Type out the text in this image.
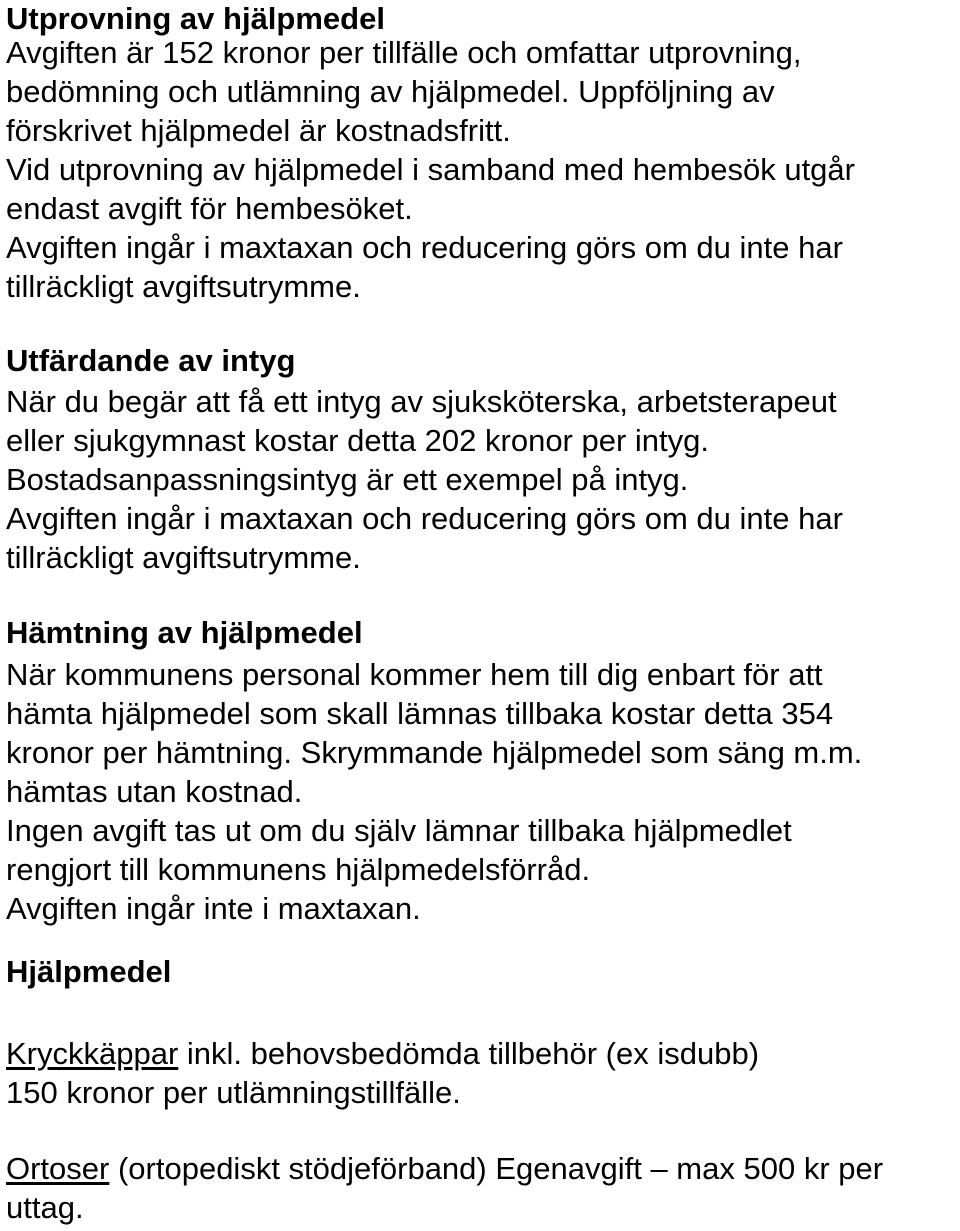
Utprovning av hjälpmedel
Avgiften är 152 kronor per tillfälle och omfattar utprovning,
bedömning och utlämning av hjälpmedel. Uppföljning av
förskrivet hjälpmedel är kostnadsfritt.
Vid utprovning av hjälpmedel i samband med hembesök utgår
endast avgift för hembesöket.
Avgiften ingår i maxtaxan och reducering görs om du inte har
tillräckligt avgiftsutrymme.
Utfärdande av intyg
När du begär att få ett intyg av sjuksköterska, arbetsterapeut
eller sjukgymnast kostar detta 202 kronor per intyg.
Bostadsanpassningsintyg är ett exempel på intyg.
Avgiften ingår i maxtaxan och reducering görs om du inte har
tillräckligt avgiftsutrymme.
Hämtning av hjälpmedel
När kommunens personal kommer hem till dig enbart för att
hämta hjälpmedel som skall lämnas tillbaka kostar detta 354
kronor per hämtning. Skrymmande hjälpmedel som säng m.m.
hämtas utan kostnad.
Ingen avgift tas ut om du själv lämnar tillbaka hjälpmedlet
rengjort till kommunens hjälpmedelsförråd.
Avgiften ingår inte i maxtaxan.
Hjälpmedel
Kryckkäppar inkl. behovsbedömda tillbehör (ex isdubb)
150 kronor per utlämningstillfälle.
Ortoser (ortopediskt stödjeförband) Egenavgift – max 500 kr per
uttag.
